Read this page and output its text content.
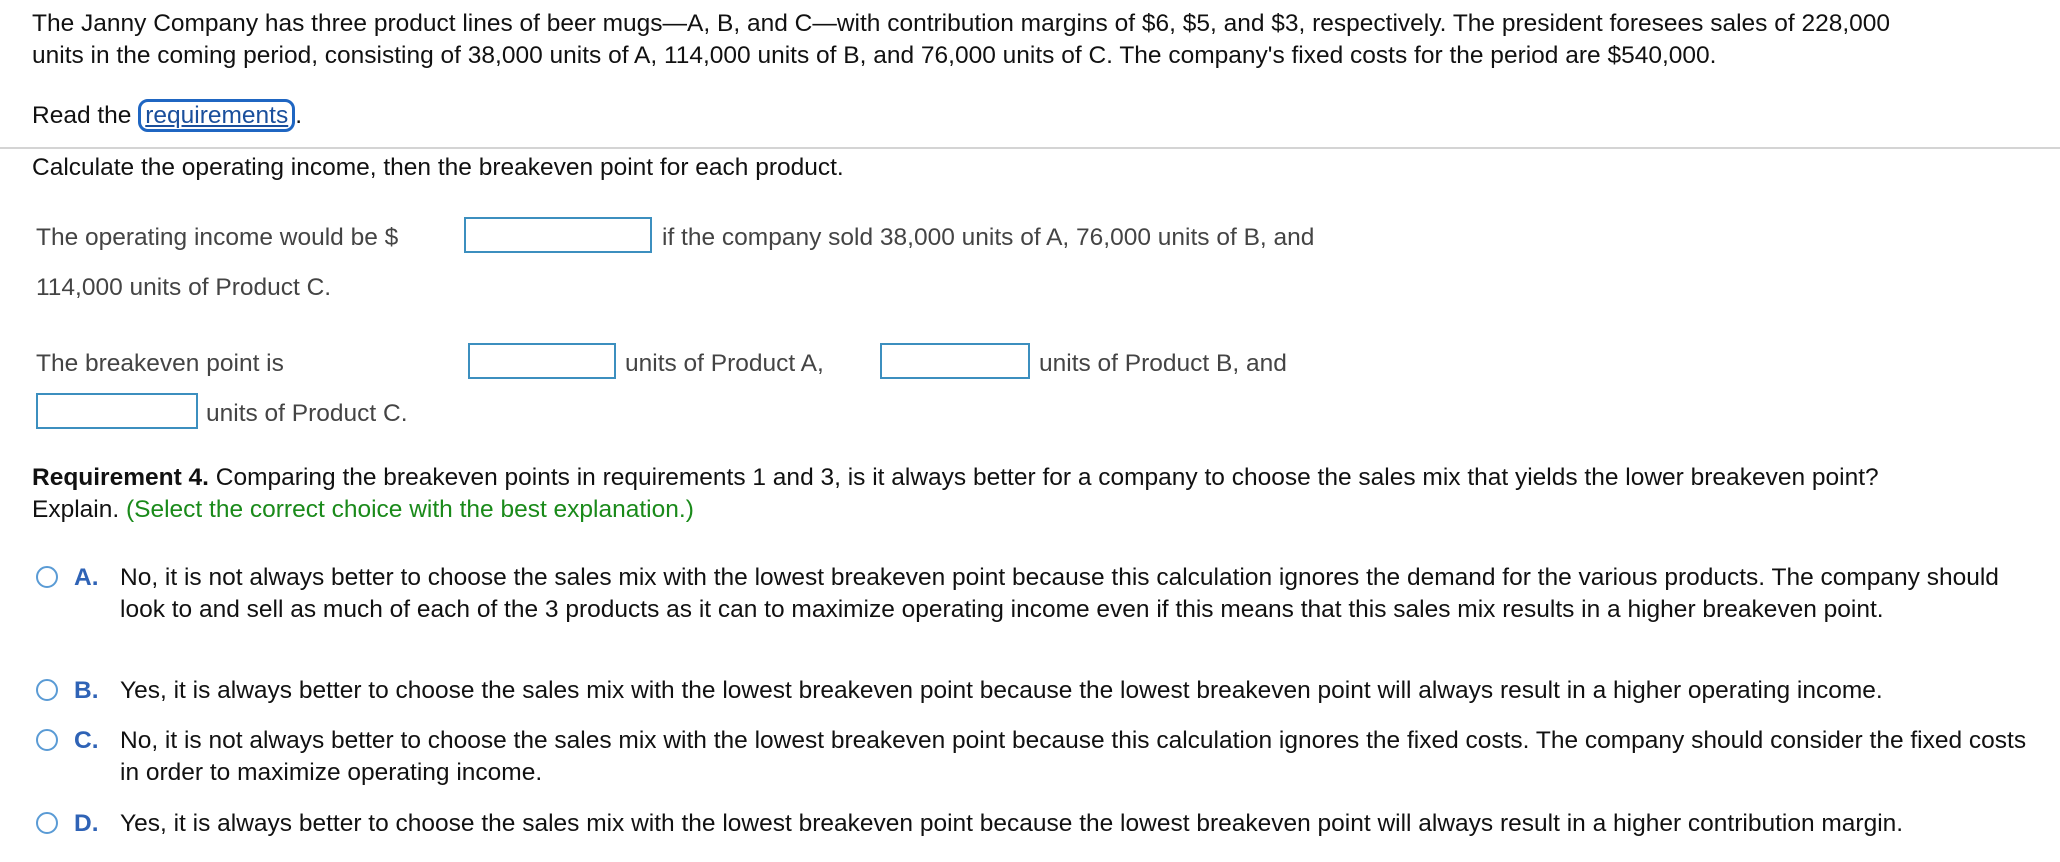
The Janny Company has three product lines of beer mugs—A, B, and C—with contribution margins of $6, $5, and $3, respectively. The president foresees sales of 228,000

units in the coming period, consisting of 38,000 units of A, 114,000 units of B, and 76,000 units of C. The company's fixed costs for the period are $540,000.

Read the requirements .
Calculate the operating income, then the breakeven point for each product.
The operating income would be $	if the company sold 38,000 units of A, 76,000 units of B, and
114,000 units of Product C.
The breakeven point is	units of Product A,	units of Product B, and
units of Product C.
Requirement 4. Comparing the breakeven points in requirements 1 and 3, is it always better for a company to choose the sales mix that yields the lower breakeven point?
Explain. (Select the correct choice with the best explanation.)
A. No, it is not always better to choose the sales mix with the lowest breakeven point because this calculation ignores the demand for the various products. The company should look to and sell as much of each of the 3 products as it can to maximize operating income even if this means that this sales mix results in a higher breakeven point.
B. Yes, it is always better to choose the sales mix with the lowest breakeven point because the lowest breakeven point will always result in a higher operating income.
C. No, it is not always better to choose the sales mix with the lowest breakeven point because this calculation ignores the fixed costs. The company should consider the fixed costs in order to maximize operating income.
D. Yes, it is always better to choose the sales mix with the lowest breakeven point because the lowest breakeven point will always result in a higher contribution margin.
